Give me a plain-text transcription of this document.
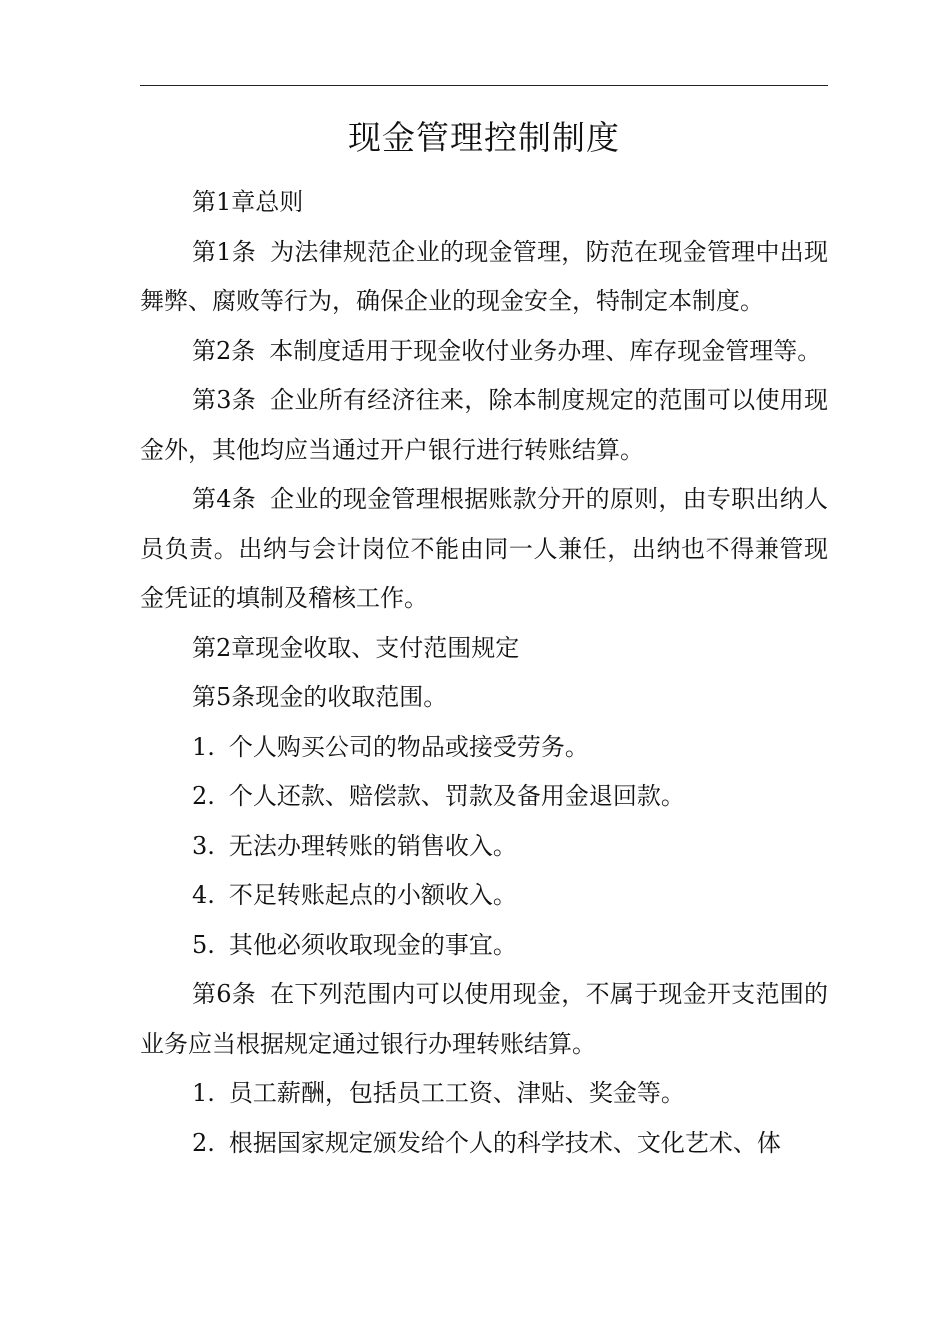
现金管理控制制度

第1章总则

第1条 为法律规范企业的现金管理，防范在现金管理中出现舞弊、腐败等行为，确保企业的现金安全，特制定本制度。

第2条 本制度适用于现金收付业务办理、库存现金管理等。

第3条 企业所有经济往来，除本制度规定的范围可以使用现金外，其他均应当通过开户银行进行转账结算。

第4条 企业的现金管理根据账款分开的原则，由专职出纳人员负责。出纳与会计岗位不能由同一人兼任，出纳也不得兼管现金凭证的填制及稽核工作。

第2章现金收取、支付范围规定

第5条现金的收取范围。

1. 个人购买公司的物品或接受劳务。

2. 个人还款、赔偿款、罚款及备用金退回款。

3. 无法办理转账的销售收入。

4. 不足转账起点的小额收入。

5. 其他必须收取现金的事宜。

第6条 在下列范围内可以使用现金，不属于现金开支范围的业务应当根据规定通过银行办理转账结算。

1. 员工薪酬，包括员工工资、津贴、奖金等。

2. 根据国家规定颁发给个人的科学技术、文化艺术、体
